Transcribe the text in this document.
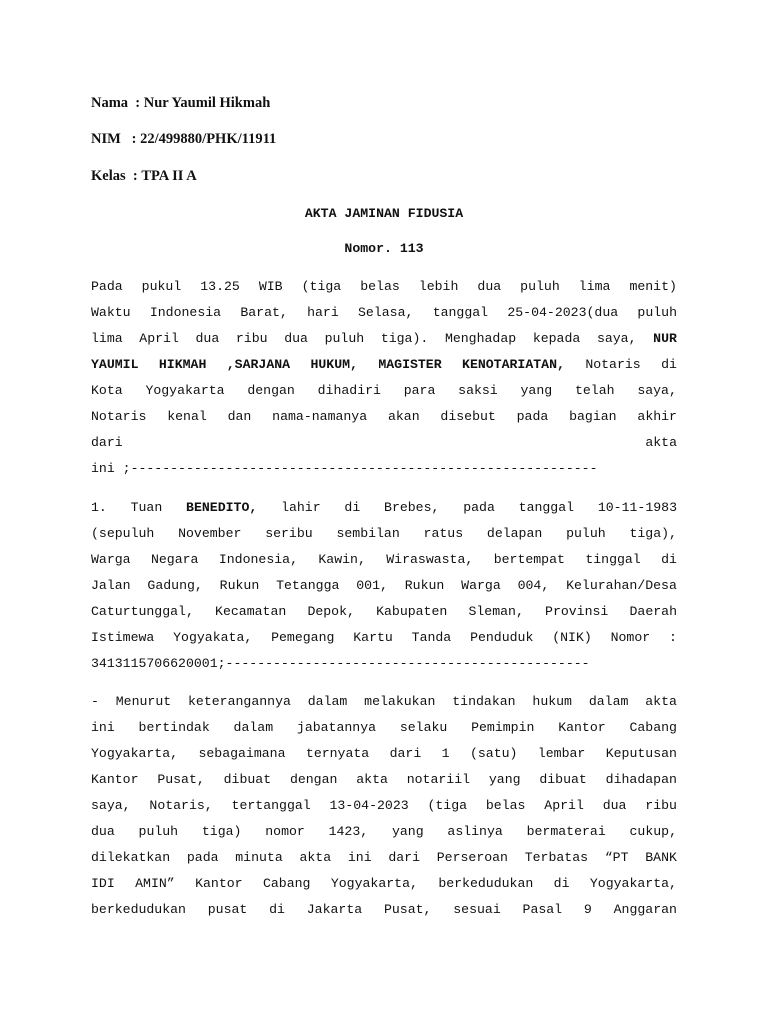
Nama  : Nur Yaumil Hikmah
NIM   : 22/499880/PHK/11911
Kelas  : TPA II A
AKTA JAMINAN FIDUSIA
Nomor. 113
Pada pukul 13.25 WIB (tiga belas lebih dua puluh lima menit)
Waktu Indonesia Barat, hari Selasa, tanggal 25-04-2023(dua puluh
lima April dua ribu dua puluh tiga). Menghadap kepada saya, NUR
YAUMIL HIKMAH ,SARJANA HUKUM, MAGISTER KENOTARIATAN, Notaris di
Kota Yogyakarta dengan dihadiri para saksi yang telah saya,
Notaris kenal dan nama-namanya akan disebut pada bagian akhir
dari	akta
ini ;-----------------------------------------------------------
1. Tuan BENEDITO, lahir di Brebes, pada tanggal 10-11-1983
(sepuluh November seribu sembilan ratus delapan puluh tiga),
Warga Negara Indonesia, Kawin, Wiraswasta, bertempat tinggal di
Jalan Gadung, Rukun Tetangga 001, Rukun Warga 004, Kelurahan/Desa
Caturtunggal, Kecamatan Depok, Kabupaten Sleman, Provinsi Daerah
Istimewa Yogyakata, Pemegang Kartu Tanda Penduduk (NIK) Nomor :
3413115706620001;----------------------------------------------
- Menurut keterangannya dalam melakukan tindakan hukum dalam akta
ini bertindak dalam jabatannya selaku Pemimpin Kantor Cabang
Yogyakarta, sebagaimana ternyata dari 1 (satu) lembar Keputusan
Kantor Pusat, dibuat dengan akta notariil yang dibuat dihadapan
saya, Notaris, tertanggal 13-04-2023 (tiga belas April dua ribu
dua puluh tiga) nomor 1423, yang aslinya bermaterai cukup,
dilekatkan pada minuta akta ini dari Perseroan Terbatas “PT BANK
IDI AMIN” Kantor Cabang Yogyakarta, berkedudukan di Yogyakarta,
berkedudukan pusat di Jakarta Pusat, sesuai Pasal 9 Anggaran
